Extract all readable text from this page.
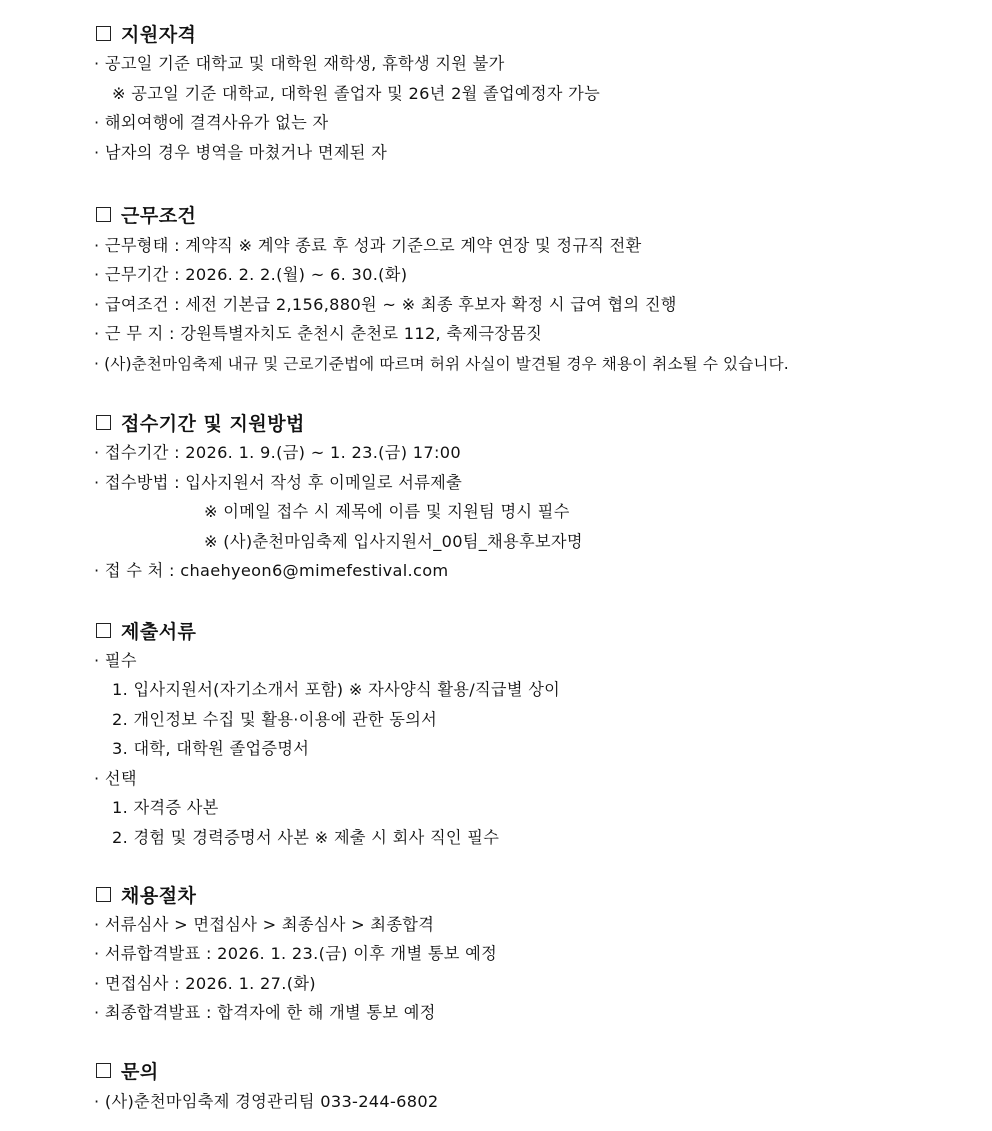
지원자격
· 공고일 기준 대학교 및 대학원 재학생, 휴학생 지원 불가
※ 공고일 기준 대학교, 대학원 졸업자 및 26년 2월 졸업예정자 가능
· 해외여행에 결격사유가 없는 자
· 남자의 경우 병역을 마쳤거나 면제된 자
근무조건
· 근무형태 : 계약직 ※ 계약 종료 후 성과 기준으로 계약 연장 및 정규직 전환
· 근무기간 : 2026. 2. 2.(월) ~ 6. 30.(화)
· 급여조건 : 세전 기본급 2,156,880원 ~ ※ 최종 후보자 확정 시 급여 협의 진행
· 근 무 지 : 강원특별자치도 춘천시 춘천로 112, 축제극장몸짓
· (사)춘천마임축제 내규 및 근로기준법에 따르며 허위 사실이 발견될 경우 채용이 취소될 수 있습니다.
접수기간 및 지원방법
· 접수기간 : 2026. 1. 9.(금) ~ 1. 23.(금) 17:00
· 접수방법 : 입사지원서 작성 후 이메일로 서류제출
※ 이메일 접수 시 제목에 이름 및 지원팀 명시 필수
※ (사)춘천마임축제 입사지원서_00팀_채용후보자명
· 접 수 처 : chaehyeon6@mimefestival.com
제출서류
· 필수
1. 입사지원서(자기소개서 포함) ※ 자사양식 활용/직급별 상이
2. 개인정보 수집 및 활용·이용에 관한 동의서
3. 대학, 대학원 졸업증명서
· 선택
1. 자격증 사본
2. 경험 및 경력증명서 사본 ※ 제출 시 회사 직인 필수
채용절차
· 서류심사 > 면접심사 > 최종심사 > 최종합격
· 서류합격발표 : 2026. 1. 23.(금) 이후 개별 통보 예정
· 면접심사 : 2026. 1. 27.(화)
· 최종합격발표 : 합격자에 한 해 개별 통보 예정
문의
· (사)춘천마임축제 경영관리팀 033-244-6802
